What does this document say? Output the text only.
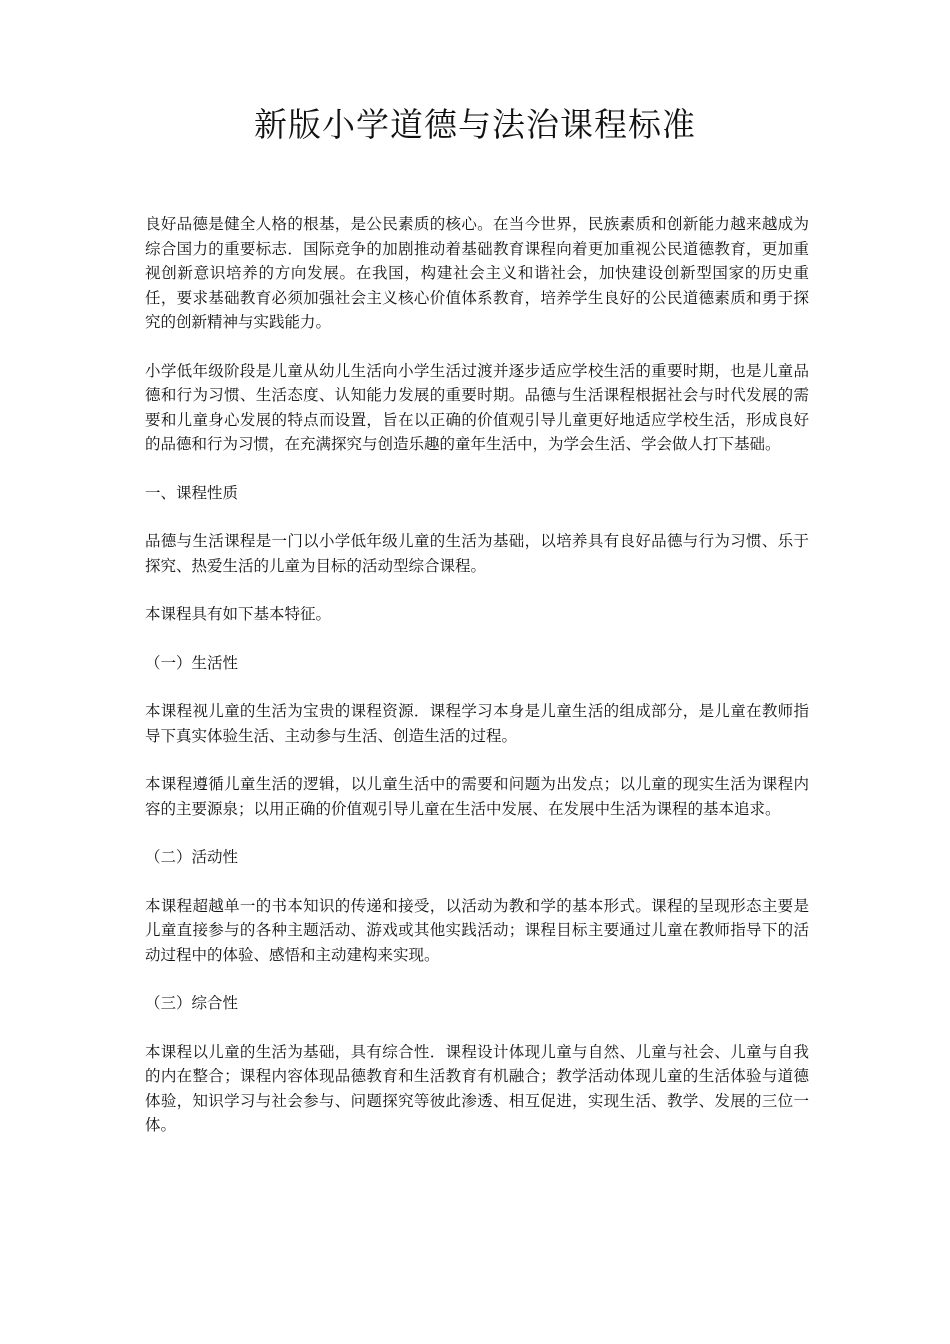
新版小学道德与法治课程标准

良好品德是健全人格的根基，是公民素质的核心。在当今世界，民族素质和创新能力越来越成为综合国力的重要标志．国际竞争的加剧推动着基础教育课程向着更加重视公民道德教育，更加重视创新意识培养的方向发展。在我国，构建社会主义和谐社会，加快建设创新型国家的历史重任，要求基础教育必须加强社会主义核心价值体系教育，培养学生良好的公民道德素质和勇于探究的创新精神与实践能力。

小学低年级阶段是儿童从幼儿生活向小学生活过渡并逐步适应学校生活的重要时期，也是儿童品德和行为习惯、生活态度、认知能力发展的重要时期。品德与生活课程根据社会与时代发展的需要和儿童身心发展的特点而设置，旨在以正确的价值观引导儿童更好地适应学校生活，形成良好的品德和行为习惯，在充满探究与创造乐趣的童年生活中，为学会生活、学会做人打下基础。

一、课程性质

品德与生活课程是一门以小学低年级儿童的生活为基础，以培养具有良好品德与行为习惯、乐于探究、热爱生活的儿童为目标的活动型综合课程。

本课程具有如下基本特征。

（一）生活性

本课程视儿童的生活为宝贵的课程资源．课程学习本身是儿童生活的组成部分，是儿童在教师指导下真实体验生活、主动参与生活、创造生活的过程。

本课程遵循儿童生活的逻辑，以儿童生活中的需要和问题为出发点；以儿童的现实生活为课程内容的主要源泉；以用正确的价值观引导儿童在生活中发展、在发展中生活为课程的基本追求。

（二）活动性

本课程超越单一的书本知识的传递和接受，以活动为教和学的基本形式。课程的呈现形态主要是儿童直接参与的各种主题活动、游戏或其他实践活动；课程目标主要通过儿童在教师指导下的活动过程中的体验、感悟和主动建构来实现。

（三）综合性

本课程以儿童的生活为基础，具有综合性．课程设计体现儿童与自然、儿童与社会、儿童与自我的内在整合；课程内容体现品德教育和生活教育有机融合；教学活动体现儿童的生活体验与道德体验，知识学习与社会参与、问题探究等彼此渗透、相互促进，实现生活、教学、发展的三位一体。
